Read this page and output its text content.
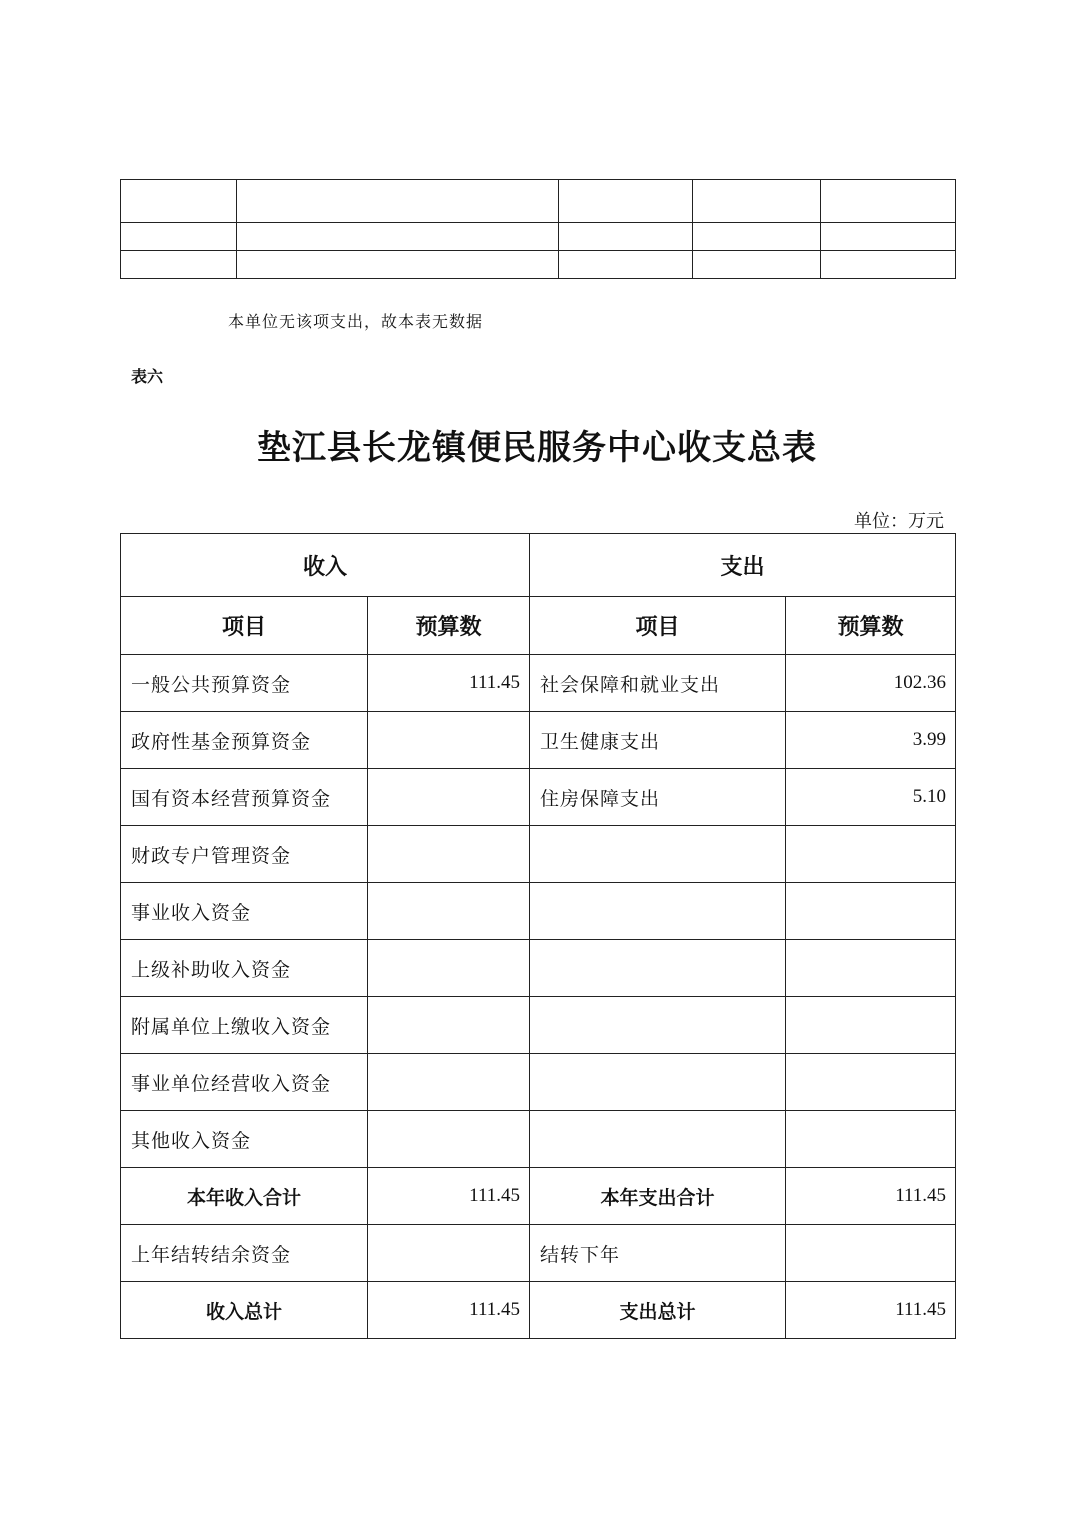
本单位无该项支出，故本表无数据
表六
垫江县长龙镇便民服务中心收支总表
单位：万元
收入		支出	
项目	预算数	项目	预算数
一般公共预算资金	111.45	社会保障和就业支出	102.36
政府性基金预算资金		卫生健康支出	3.99
国有资本经营预算资金		住房保障支出	5.10
财政专户管理资金			
事业收入资金			
上级补助收入资金			
附属单位上缴收入资金			
事业单位经营收入资金			
其他收入资金			
本年收入合计	111.45	本年支出合计	111.45
上年结转结余资金		结转下年	
收入总计	111.45	支出总计	111.45
